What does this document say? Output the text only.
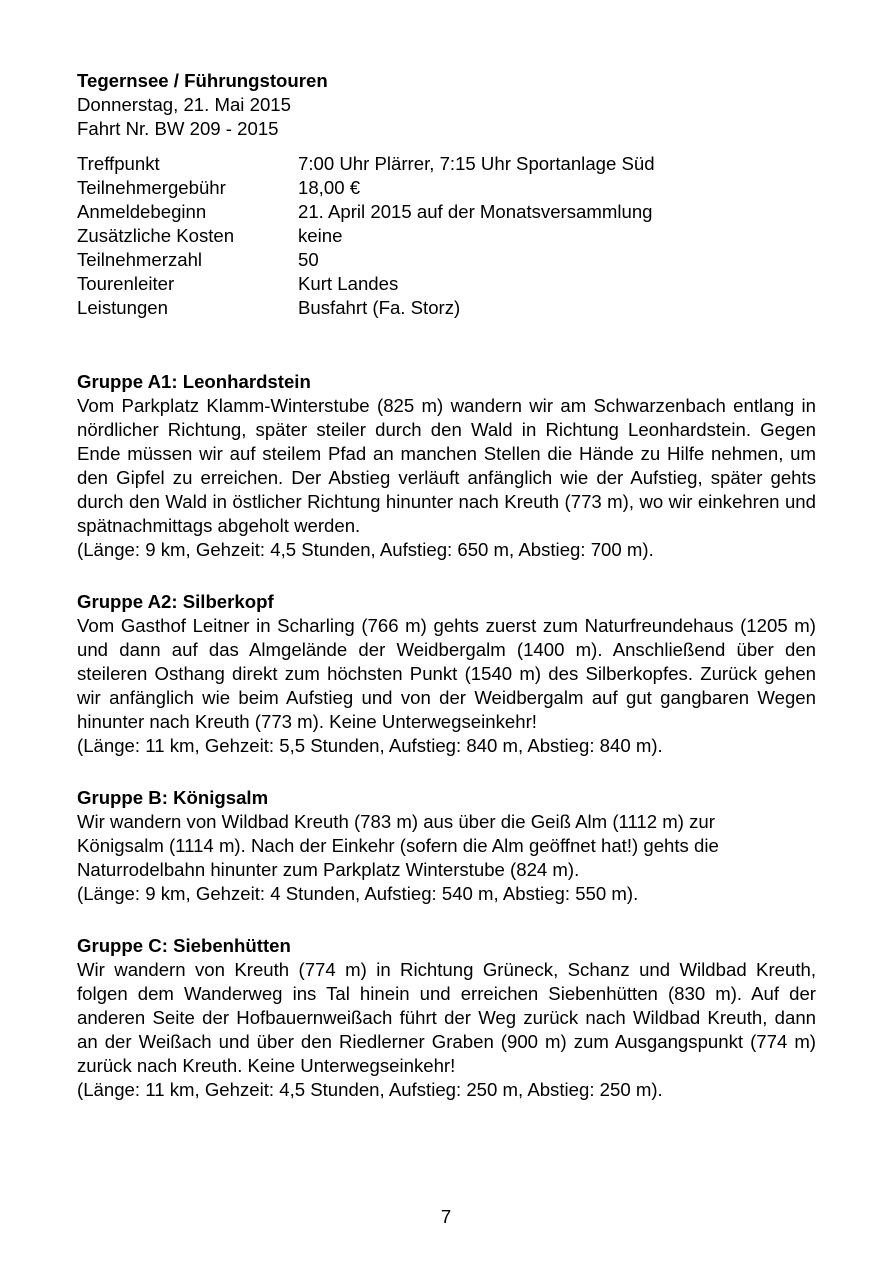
Tegernsee / Führungstouren
Donnerstag, 21. Mai 2015
Fahrt Nr. BW 209 - 2015
Treffpunkt	7:00 Uhr Plärrer, 7:15 Uhr Sportanlage Süd
Teilnehmergebühr	18,00 €
Anmeldebeginn	21. April 2015 auf der Monatsversammlung
Zusätzliche Kosten	keine
Teilnehmerzahl	50
Tourenleiter	Kurt Landes
Leistungen	Busfahrt (Fa. Storz)
Gruppe A1: Leonhardstein
Vom Parkplatz Klamm-Winterstube (825 m) wandern wir am Schwarzenbach entlang in nördlicher Richtung, später steiler durch den Wald in Richtung Leonhardstein. Gegen Ende müssen wir auf steilem Pfad an manchen Stellen die Hände zu Hilfe nehmen, um den Gipfel zu erreichen. Der Abstieg verläuft anfänglich wie der Aufstieg, später gehts durch den Wald in östlicher Richtung hinunter nach Kreuth (773 m), wo wir einkehren und spätnachmittags abgeholt werden.
(Länge: 9 km, Gehzeit: 4,5 Stunden, Aufstieg: 650 m, Abstieg: 700 m).
Gruppe A2: Silberkopf
Vom Gasthof Leitner in Scharling (766 m) gehts zuerst zum Naturfreundehaus (1205 m) und dann auf das Almgelände der Weidbergalm (1400 m). Anschließend über den steileren Osthang direkt zum höchsten Punkt (1540 m) des Silberkopfes. Zurück gehen wir anfänglich wie beim Aufstieg und von der Weidbergalm auf gut gangbaren Wegen hinunter nach Kreuth (773 m). Keine Unterwegseinkehr!
(Länge: 11 km, Gehzeit: 5,5 Stunden, Aufstieg: 840 m, Abstieg: 840 m).
Gruppe B: Königsalm
Wir wandern von Wildbad Kreuth (783 m) aus über die Geiß Alm (1112 m) zur
Königsalm (1114 m). Nach der Einkehr (sofern die Alm geöffnet hat!) gehts die
Naturrodelbahn hinunter zum Parkplatz Winterstube (824 m).
(Länge: 9 km, Gehzeit: 4 Stunden, Aufstieg: 540 m, Abstieg: 550 m).
Gruppe C: Siebenhütten
Wir wandern von Kreuth (774 m) in Richtung Grüneck, Schanz und Wildbad Kreuth, folgen dem Wanderweg ins Tal hinein und erreichen Siebenhütten (830 m). Auf der anderen Seite der Hofbauernweißach führt der Weg zurück nach Wildbad Kreuth, dann an der Weißach und über den Riedlerner Graben (900 m) zum Ausgangspunkt (774 m) zurück nach Kreuth. Keine Unterwegseinkehr!
(Länge: 11 km, Gehzeit: 4,5 Stunden, Aufstieg: 250 m, Abstieg: 250 m).
7
